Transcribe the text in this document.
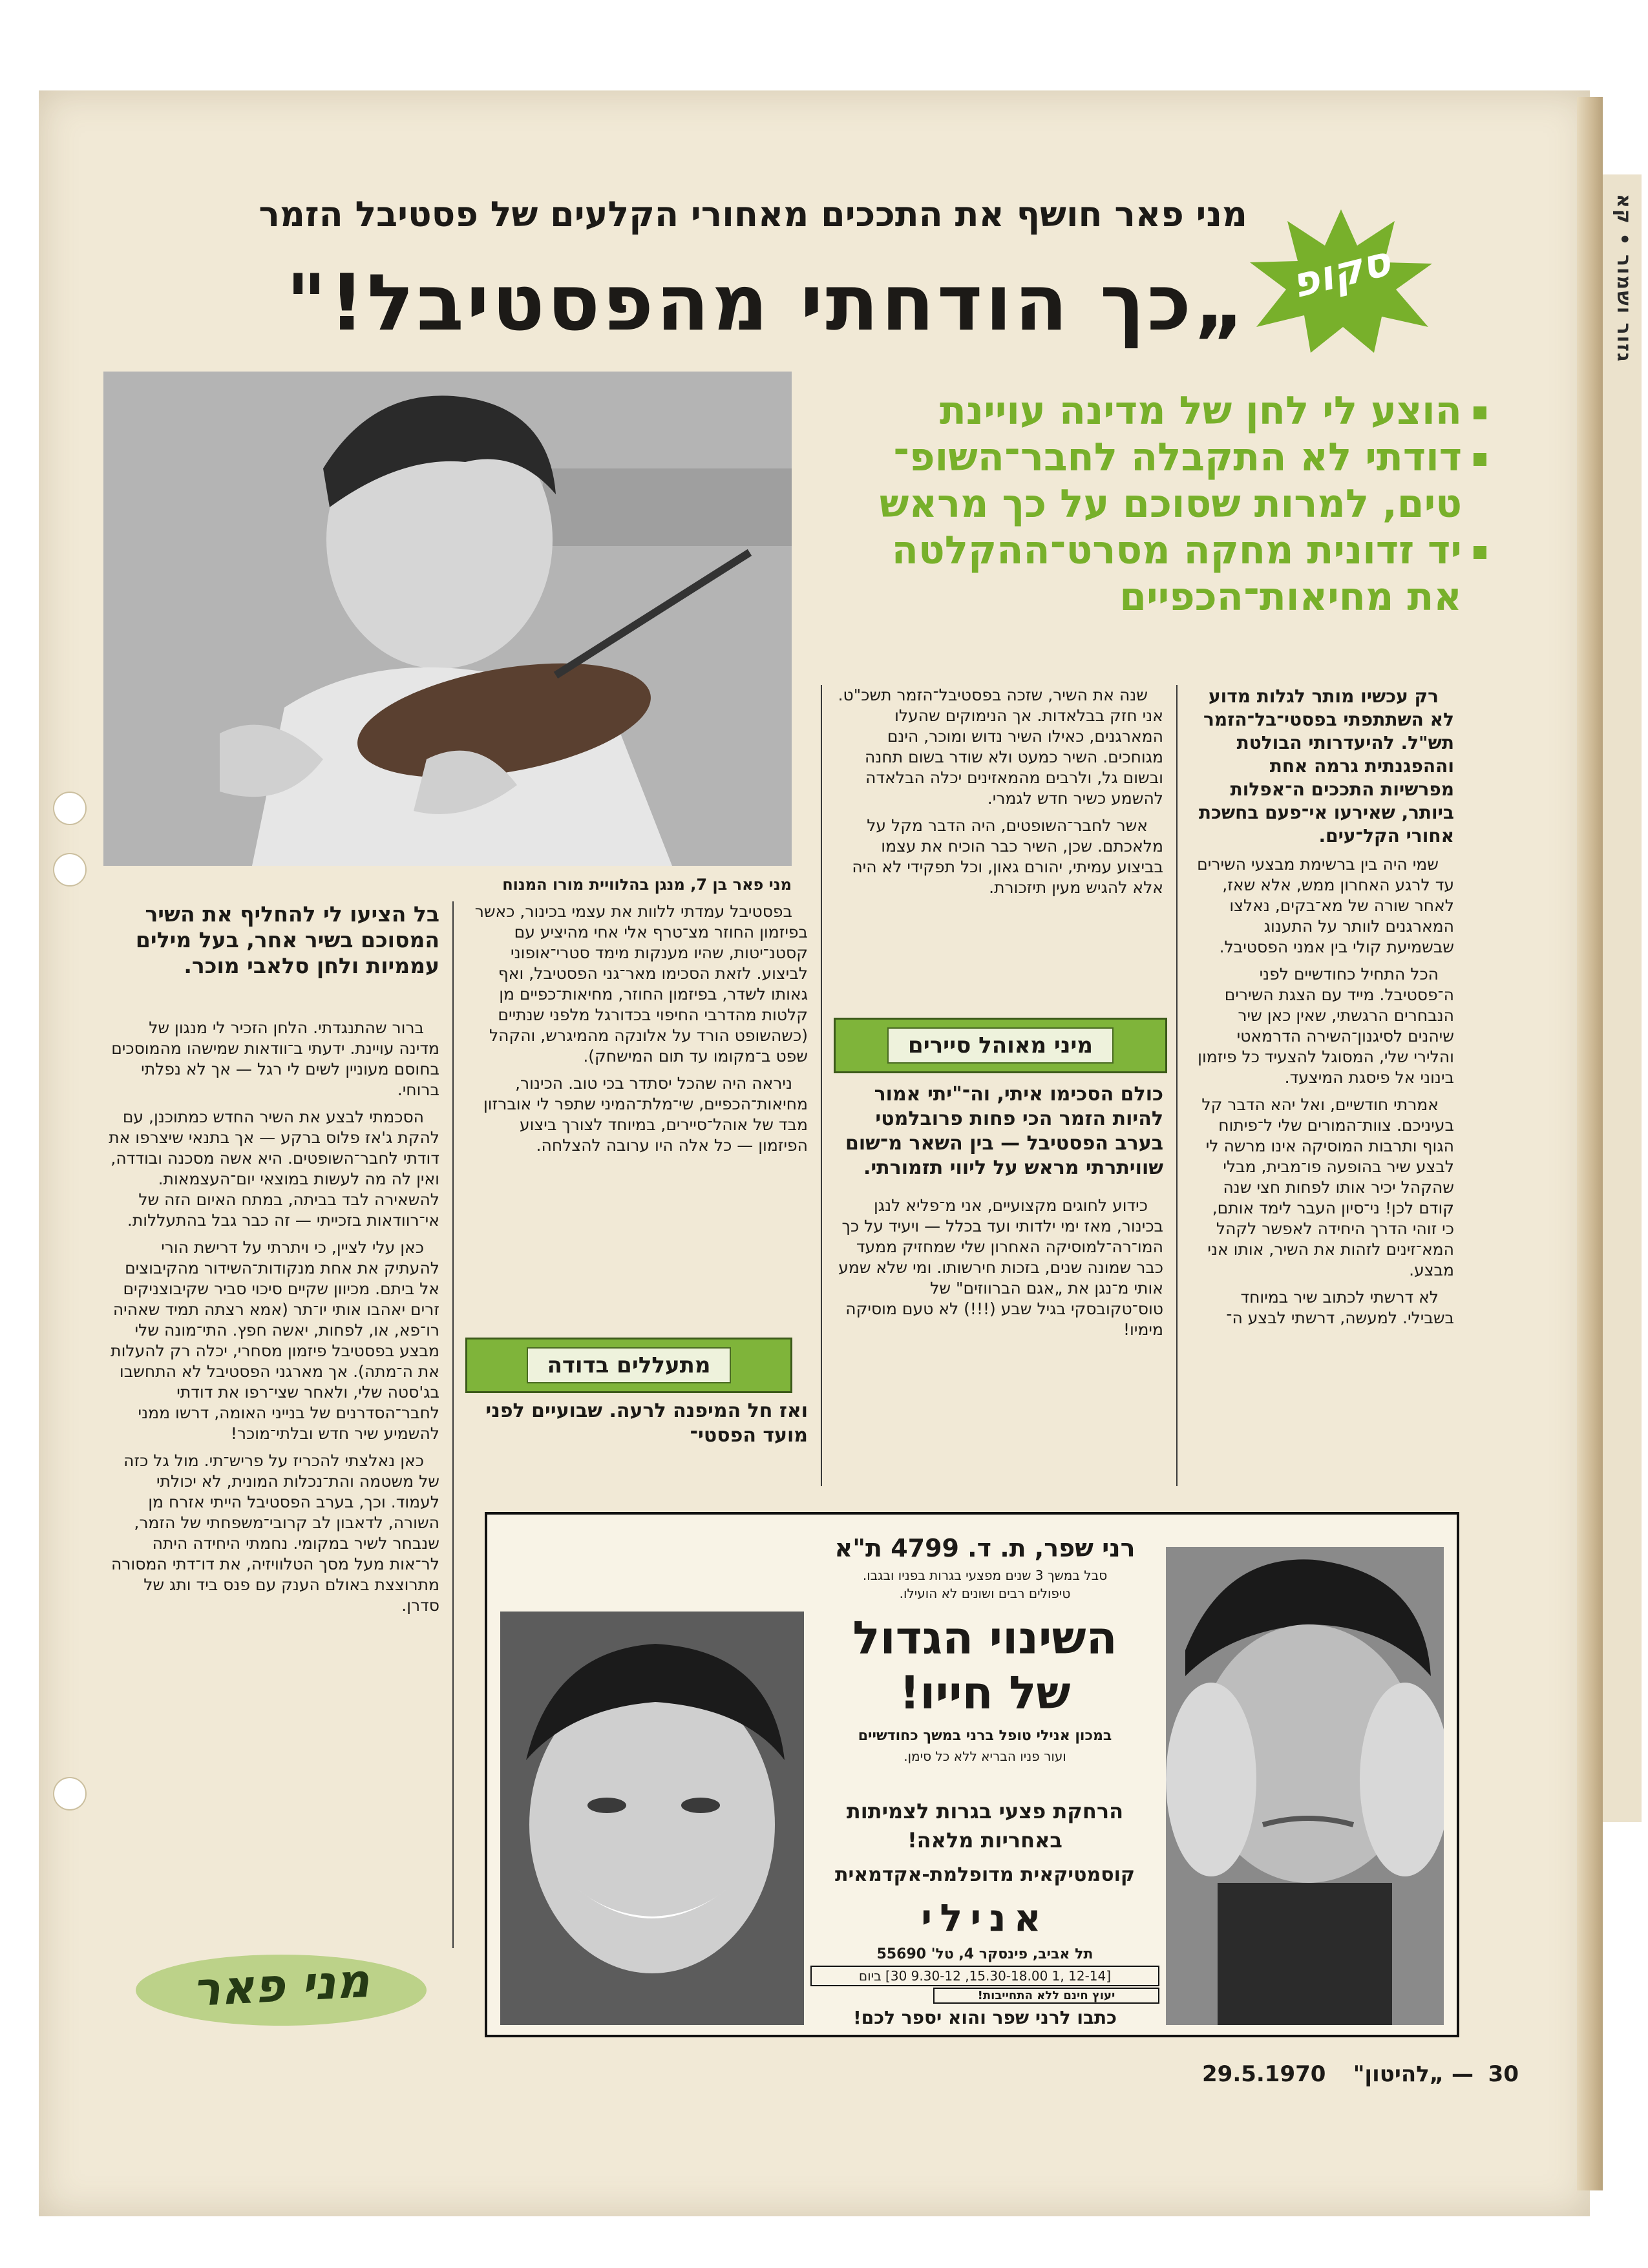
גזור ושמור • קא
מני פאר חושף את התככים מאחורי הקלעים של פסטיבל הזמר
„כך הודחתי מהפסטיבל!" סקופ
הוצע לי לחן של מדינה עויינת
דודתי לא התקבלה לחבר־השופ־
טים, למרות שסוכם על כך מראש
יד זדונית מחקה מסרט־ההקלטה
את מחיאות־הכפיים
מני פאר בן 7, מנגן בהלוויית מורו המנוח

רק עכשיו מותר לגלות מדוע לא השתתפתי בפסטי־בל־הזמר תש"ל. להיעדרותי הבולטת וההפגנתית גרמה אחת מפרשיות התככים ה־אפלות ביותר, שאירעו אי־פעם בחשכת אחורי הקל־עים.

שמי היה בין ברשימת מבצעי השירים עד לרגע האחרון ממש, אלא שאז, לאחר שורה של מא־בקים, נאלצו המארגנים לוותר על התענוג שבשמיעת קולי בין אמני הפסטיבל.

הכל התחיל כחודשיים לפני ה־פסטיבל. מייד עם הצגת השירים הנבחרים הרגשתי, שאין כאן שיר שיהנים לסיגנון־השירה הדרמאטי והלירי שלי, המסוגל להצעיד כל פיזמון בינוני אל פיסגת המיצעד.

אמרתי חודשיים, ואל יהא הדבר קל בעיניכם. צוות־המורים שלי ל־פיתוח הגוף ותרבות המוסיקה אינו מרשה לי לבצע שיר בהופעה פו־מבית, מבלי שהקהל יכיר אותו לפחות חצי שנה קודם לכן! ני־סיון העבר לימד אותם, כי זוהי הדרך היחידה לאפשר לקהל המא־זינים לזהות את השיר, אותו אני מבצע.

לא דרשתי לכתוב שיר במיוחד בשבילי. למעשה, דרשתי לבצע ה־

שנה את השיר, שזכה בפסטיבל־הזמר תשכ"ט. אני חזק בבלאדות. אך הנימוקים שהעלו המארגנים, כאילו השיר נדוש ומוכר, הינם מגוחכים. השיר כמעט ולא שודר בשום תחנה ובשום גל, ולרבים מהמאזינים יכלה הבלאדה להשמע כשיר חדש לגמרי.

אשר לחבר־השופטים, היה הדבר מקל על מלאכתם. שכן, השיר כבר הוכיח את עצמו בביצוע עמיתי, יהורם גאון, וכל תפקידי לא היה אלא להגיש מעין תיזכורת.

מיני מאוהל סיירים
כולם הסכימו איתי, וה־"יתי אמור להיות הזמר הכי פחות פרובלמטי בערב הפסטיבל — בין השאר מ־שום שוויתרתי מראש על ליווי תזמורתי.

כידוע לחוגים מקצועיים, אני מ־פליא לנגן בכינור, מאז ימי ילדותי ועד בכלל — ויעיד על כך המו־רה־למוסיקה האחרון שלי שמחזיק ממעד כבר שמונה שנים, בזכות חירשותו. ומי שלא שמע אותי מ־נגן את „אגם הברווזים" של טוס־טקובסקי בגיל שבע (!!!) לא טעם מוסיקה מימיו!

בפסטיבל עמדתי ללוות את עצמי בכינור, כאשר בפיזמון החוזר מצ־טרף אלי אחי מהיציע עם קסטנ־יטות, שהיו מענקות מימד סטרי־אופוני לביצוע. לזאת הסכימו מאר־גני הפסטיבל, ואף גאותו לשדר, בפיזמון החוזר, מחיאות־כפיים מן קלטות מהדרבי החיפוי בכדורגל מלפני שנתיים (כשהשופט הורד על אלונקה מהמיגרש, והקהל שפט ב־מקומו עד תום המישחק).

ניראה היה שהכל יסתדר בכי טוב. הכינור, מחיאות־הכפיים, שי־מלת־המיני שתפר לי אוברזון מבד של אוהל־סיירים, במיוחד לצורך ביצוע הפיזמון — כל אלה היו ערובה להצלחה.

מתעללים בדודה
ואז חל המיפנה לרעה. שבועיים לפני מועד הפסטי־
בל הציעו לי להחליף את השיר המסוכם בשיר אחר, בעל מילים עממיות ולחן סלאבי מוכר.

ברור שהתנגדתי. הלחן הזכיר לי מנגון של מדינה עויינת. ידעתי ב־וודאות שמישהו מהמוסכים בחוסם מעוניין לשים לי רגל — אך לא נפלתי ברוחי.

הסכמתי לבצע את השיר החדש כמתוכנן, עם להקת ג'אז פלוס ברקע — אך בתנאי שיצרפו את דודתי לחבר־השופטים. היא אשה מסכנה ובודדה, ואין לה מה לעשות במוצאי יום־העצמאות. להשאירה לבד בביתה, במתח האיום הזה של אי־רוודאות בזכייתי — זה כבר גבל בהתעללות.

כאן עלי לציין, כי ויתרתי על דרישת הורי להעתיק את אחת מנקודות־השידור מהקיבוצים אל ביתם. מכיוון שקיים סיכוי סביר שקיבוצניקים זרים יאהבו אותי יו־תר (אמא רצתה תמיד שאהיה רו־פא, או, לפחות, יאשה חפץ. התי־מונה שלי מבצע בפסטיבל פיזמון מסחרי, יכלה רק להעלות את ה־מתה). אך מארגני הפסטיבל לא התחשבו בג'סטה שלי, ולאחר שצי־רפו את דודתי לחבר־הסדרנים של בנייני האומה, דרשו ממני להשמיע שיר חדש ובלתי־מוכר!

כאן נאלצתי להכריז על פריש־תי. מול גל כזה של משטמה והת־נכלות המונית, לא יכולתי לעמוד. וכך, בערב הפסטיבל הייתי אזרח מן השורה, לדאבון לב קרובי־משפחתי של הזמר, שנבחר לשיר במקומי. נחמתי היחידה היתה לר־אות מעל מסך הטלוויזיה, את דו־דתי המסורה מתרוצצת באולם הענק עם פנס ביד ותג של סדרן.

מני פאר
רני שפר, ת. ד. 4799 ת"א
סבל במשך 3 שנים מפצעי בגרות בפניו ובגבו.
טיפולים רבים ושונים לא הועילו.
השינוי הגדול
של חייו!
במכון אנילי טופל ברני במשך כחודשיים
ועור פניו הבריא ללא כל סימן.
הרחקת פצעי בגרות לצמיתות
באחריות מלאה!
קוסמטיקאית מדופלמת-אקדמאית
אנילי
תל אביב, פינסקר 4, טל' 55690
[12-14 ,1 15.30-18.00, 9.30-12 30] ביום
יעוץ חינם ללא התחייבות!
כתבו לרני שפר והוא יספר לכם!
30
— „להיטון"
29.5.1970
